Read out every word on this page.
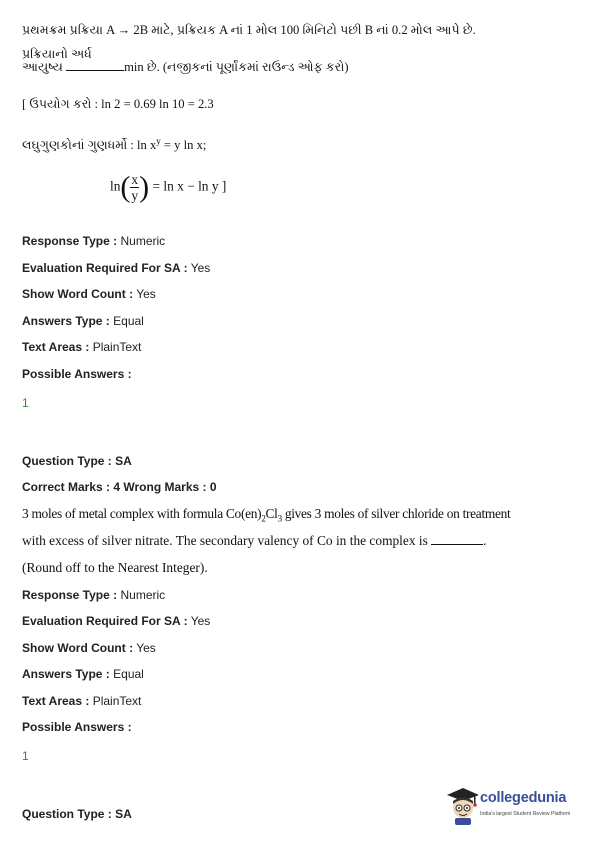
પ્રથમક્રમ પ્રક્રિયા A → 2B માટે, પ્રક્રિયક A નાં 1 મોલ 100 મિનિટો પછી B નાં 0.2 મોલ આપે છે. પ્રક્રિયાનો અર્ધ
આયુષ્ય	min છે. (નજીકનાં પૂર્ણાંકમાં રાઉન્ડ ઓફ કરો)
[ ઉપયોગ કરો : ln 2 = 0.69 ln 10 = 2.3
લઘુગુણકોનાં ગુણધર્મો : $\ln x^y = y$ ln x;
$\ln( \frac{x}{y}$ ) = ln x − ln y ]
Response Type : Numeric
Evaluation Required For SA : Yes
Show Word Count : Yes
Answers Type : Equal
Text Areas : PlainText
Possible Answers :
1
Question Type : SA
Correct Marks : 4 Wrong Marks : 0
3 moles of metal complex with formula $Co(en)_2Cl_3$ gives 3 moles of silver chloride on treatment
with excess of silver nitrate. The secondary valency of Co in the complex is	.
(Round off to the Nearest Integer).
Response Type : Numeric
Evaluation Required For SA : Yes
Show Word Count : Yes
Answers Type : Equal
Text Areas : PlainText
Possible Answers :
1
Question Type : SA
collegedunia
India's largest Student Review Platform
